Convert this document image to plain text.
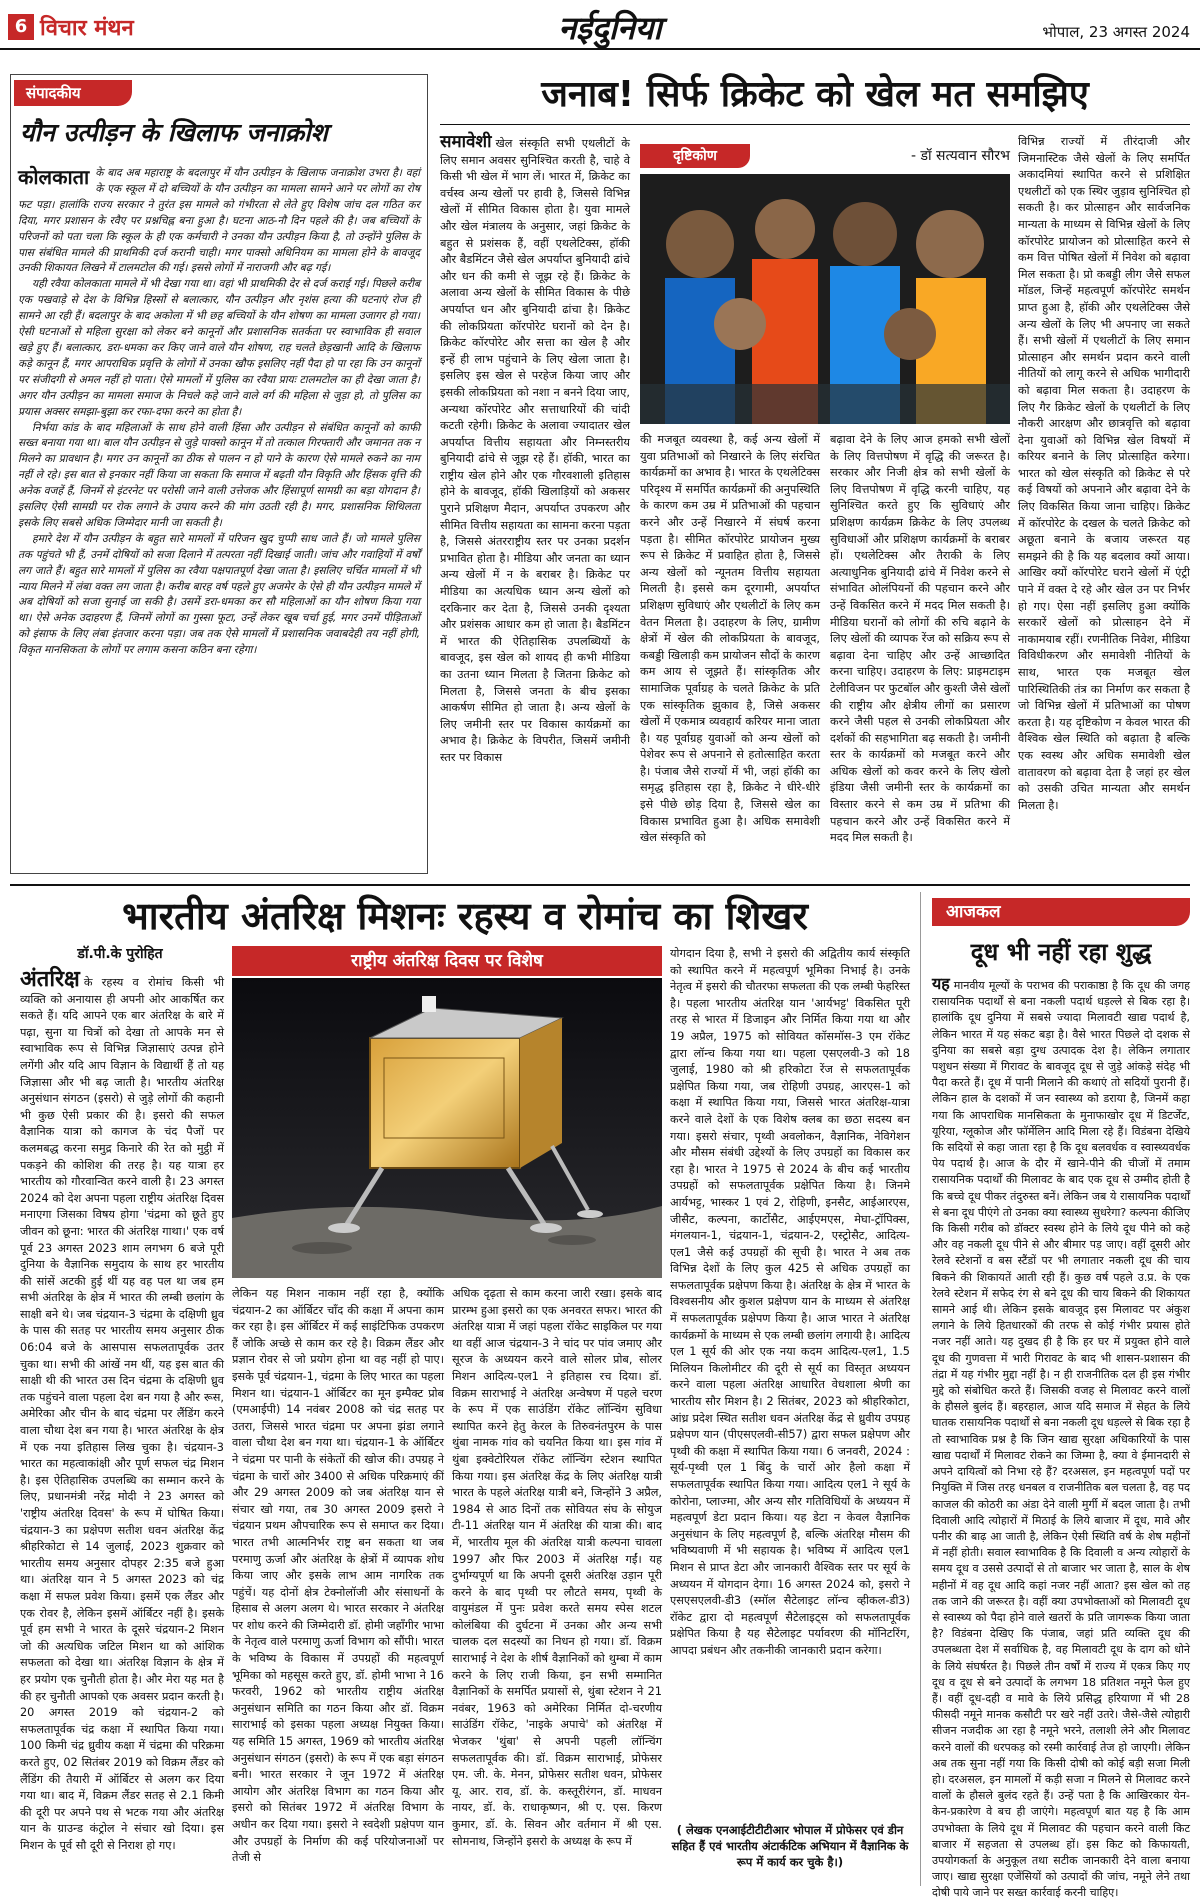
6 विचार मंथन	नईदुनिया	भोपाल, 23 अगस्त 2024
संपादकीय
यौन उत्पीड़न के खिलाफ जनाक्रोश
कोलकाता के बाद अब महाराष्ट्र के बदलापुर में यौन उत्पीड़न के खिलाफ जनाक्रोश उभरा है। वहां के एक स्कूल में दो बच्चियों के यौन उत्पीड़न का मामला सामने आने पर लोगों का रोष फट पड़ा। हालांकि राज्य सरकार ने तुरंत इस मामले को गंभीरता से लेते हुए विशेष जांच दल गठित कर दिया, मगर प्रशासन के रवैए पर प्रश्नचिह्न बना हुआ है। घटना आठ-नौ दिन पहले की है। जब बच्चियों के परिजनों को पता चला कि स्कूल के ही एक कर्मचारी ने उनका यौन उत्पीड़न किया है, तो उन्होंने पुलिस के पास संबंधित मामले की प्राथमिकी दर्ज करानी चाही। मगर पाक्सो अधिनियम का मामला होने के बावजूद उनकी शिकायत लिखने में टालमटोल की गई। इससे लोगों में नाराजगी और बढ़ गई।

यही रवैया कोलकाता मामले में भी देखा गया था। वहां भी प्राथमिकी देर से दर्ज कराई गई। पिछले करीब एक पखवाड़े से देश के विभिन्न हिस्सों से बलात्कार, यौन उत्पीड़न और नृशंस हत्या की घटनाएं रोज ही सामने आ रही हैं। बदलापुर के बाद अकोला में भी छह बच्चियों के यौन शोषण का मामला उजागर हो गया। ऐसी घटनाओं से महिला सुरक्षा को लेकर बने कानूनों और प्रशासनिक सतर्कता पर स्वाभाविक ही सवाल खड़े हुए हैं। बलात्कार, डरा-धमका कर किए जाने वाले यौन शोषण, राह चलते छेड़खानी आदि के खिलाफ कड़े कानून हैं, मगर आपराधिक प्रवृत्ति के लोगों में उनका खौफ इसलिए नहीं पैदा हो पा रहा कि उन कानूनों पर संजीदगी से अमल नहीं हो पाता। ऐसे मामलों में पुलिस का रवैया प्रायः टालमटोल का ही देखा जाता है। अगर यौन उत्पीड़न का मामला समाज के निचले कहे जाने वाले वर्ग की महिला से जुड़ा हो, तो पुलिस का प्रयास अक्सर समझा-बुझा कर रफा-दफा करने का होता है।

निर्भया कांड के बाद महिलाओं के साथ होने वाली हिंसा और उत्पीड़न से संबंधित कानूनों को काफी सख्त बनाया गया था। बाल यौन उत्पीड़न से जुड़े पाक्सो कानून में तो तत्काल गिरफ्तारी और जमानत तक न मिलने का प्रावधान है। मगर उन कानूनों का ठीक से पालन न हो पाने के कारण ऐसे मामले रुकने का नाम नहीं ले रहे। इस बात से इनकार नहीं किया जा सकता कि समाज में बढ़ती यौन विकृति और हिंसक वृत्ति की अनेक वजहें हैं, जिनमें से इंटरनेट पर परोसी जाने वाली उत्तेजक और हिंसापूर्ण सामग्री का बड़ा योगदान है। इसलिए ऐसी सामग्री पर रोक लगाने के उपाय करने की मांग उठती रही है। मगर, प्रशासनिक शिथिलता इसके लिए सबसे अधिक जिम्मेदार मानी जा सकती है।

हमारे देश में यौन उत्पीड़न के बहुत सारे मामलों में परिजन खुद चुप्पी साध जाते हैं। जो मामले पुलिस तक पहुंचते भी हैं, उनमें दोषियों को सजा दिलाने में तत्परता नहीं दिखाई जाती। जांच और गवाहियों में वर्षों लग जाते हैं। बहुत सारे मामलों में पुलिस का रवैया पक्षपातपूर्ण देखा जाता है। इसलिए चर्चित मामलों में भी न्याय मिलने में लंबा वक्त लग जाता है। करीब बारह वर्ष पहले हुए अजमेर के ऐसे ही यौन उत्पीड़न मामले में अब दोषियों को सजा सुनाई जा सकी है। उसमें डरा-धमका कर सौ महिलाओं का यौन शोषण किया गया था। ऐसे अनेक उदाहरण हैं, जिनमें लोगों का गुस्सा फूटा, उन्हें लेकर खूब चर्चा हुई, मगर उनमें पीड़िताओं को इंसाफ के लिए लंबा इंतजार करना पड़ा। जब तक ऐसे मामलों में प्रशासनिक जवाबदेही तय नहीं होगी, विकृत मानसिकता के लोगों पर लगाम कसना कठिन बना रहेगा।

जनाब! सिर्फ क्रिकेट को खेल मत समझिए
समावेशी खेल संस्कृति सभी एथलीटों के लिए समान अवसर सुनिश्चित करती है, चाहे वे किसी भी खेल में भाग लें। भारत में, क्रिकेट का वर्चस्व अन्य खेलों पर हावी है, जिससे विभिन्न खेलों में सीमित विकास होता है। युवा मामले और खेल मंत्रालय के अनुसार, जहां क्रिकेट के बहुत से प्रशंसक हैं, वहीं एथलेटिक्स, हॉकी और बैडमिंटन जैसे खेल अपर्याप्त बुनियादी ढांचे और धन की कमी से जूझ रहे हैं। क्रिकेट के अलावा अन्य खेलों के सीमित विकास के पीछे अपर्याप्त धन और बुनियादी ढांचा है। क्रिकेट की लोकप्रियता कॉरपोरेट घरानों को देन है। क्रिकेट कॉरपोरेट और सत्ता का खेल है और इन्हें ही लाभ पहुंचाने के लिए खेला जाता है। इसलिए इस खेल से परहेज किया जाए और इसकी लोकप्रियता को नशा न बनने दिया जाए, अन्यथा कॉरपोरेट और सत्ताधारियों की चांदी कटती रहेगी। क्रिकेट के अलावा ज्यादातर खेल अपर्याप्त वित्तीय सहायता और निम्नस्तरीय बुनियादी ढांचे से जूझ रहे हैं। हॉकी, भारत का राष्ट्रीय खेल होने और एक गौरवशाली इतिहास होने के बावजूद, हॉकी खिलाड़ियों को अकसर पुराने प्रशिक्षण मैदान, अपर्याप्त उपकरण और सीमित वित्तीय सहायता का सामना करना पड़ता है, जिससे अंतरराष्ट्रीय स्तर पर उनका प्रदर्शन प्रभावित होता है। मीडिया और जनता का ध्यान अन्य खेलों में न के बराबर है। क्रिकेट पर मीडिया का अत्यधिक ध्यान अन्य खेलों को दरकिनार कर देता है, जिससे उनकी दृश्यता और प्रशंसक आधार कम हो जाता है। बैडमिंटन में भारत की ऐतिहासिक उपलब्धियों के बावजूद, इस खेल को शायद ही कभी मीडिया का उतना ध्यान मिलता है जितना क्रिकेट को मिलता है, जिससे जनता के बीच इसका आकर्षण सीमित हो जाता है। अन्य खेलों के लिए जमीनी स्तर पर विकास कार्यक्रमों का अभाव है। क्रिकेट के विपरीत, जिसमें जमीनी स्तर पर विकास
दृष्टिकोण	- डॉ सत्यवान सौरभ
की मजबूत व्यवस्था है, कई अन्य खेलों में युवा प्रतिभाओं को निखारने के लिए संरचित कार्यक्रमों का अभाव है। भारत के एथलेटिक्स परिदृश्य में समर्पित कार्यक्रमों की अनुपस्थिति के कारण कम उम्र में प्रतिभाओं की पहचान करने और उन्हें निखारने में संघर्ष करना पड़ता है। सीमित कॉरपोरेट प्रायोजन मुख्य रूप से क्रिकेट में प्रवाहित होता है, जिससे अन्य खेलों को न्यूनतम वित्तीय सहायता मिलती है। इससे कम दूरगामी, अपर्याप्त प्रशिक्षण सुविधाएं और एथलीटों के लिए कम वेतन मिलता है। उदाहरण के लिए, ग्रामीण क्षेत्रों में खेल की लोकप्रियता के बावजूद, कबड्डी खिलाड़ी कम प्रायोजन सौदों के कारण कम आय से जूझते हैं। सांस्कृतिक और सामाजिक पूर्वाग्रह के चलते क्रिकेट के प्रति एक सांस्कृतिक झुकाव है, जिसे अकसर खेलों में एकमात्र व्यवहार्य करियर माना जाता है। यह पूर्वाग्रह युवाओं को अन्य खेलों को पेशेवर रूप से अपनाने से हतोत्साहित करता है। पंजाब जैसे राज्यों में भी, जहां हॉकी का समृद्ध इतिहास रहा है, क्रिकेट ने धीरे-धीरे इसे पीछे छोड़ दिया है, जिससे खेल का विकास प्रभावित हुआ है। अधिक समावेशी खेल संस्कृति को
बढ़ावा देने के लिए आज हमको सभी खेलों के लिए वित्तपोषण में वृद्धि की जरूरत है। सरकार और निजी क्षेत्र को सभी खेलों के लिए वित्तपोषण में वृद्धि करनी चाहिए, यह सुनिश्चित करते हुए कि सुविधाएं और प्रशिक्षण कार्यक्रम क्रिकेट के लिए उपलब्ध सुविधाओं और प्रशिक्षण कार्यक्रमों के बराबर हों। एथलेटिक्स और तैराकी के लिए अत्याधुनिक बुनियादी ढांचे में निवेश करने से संभावित ओलंपियनों की पहचान करने और उन्हें विकसित करने में मदद मिल सकती है। मीडिया घरानों को लोगों की रुचि बढ़ाने के लिए खेलों की व्यापक रेंज को सक्रिय रूप से बढ़ावा देना चाहिए और उन्हें आच्छादित करना चाहिए। उदाहरण के लिए: प्राइमटाइम टेलीविजन पर फुटबॉल और कुश्ती जैसे खेलों की राष्ट्रीय और क्षेत्रीय लीगों का प्रसारण करने जैसी पहल से उनकी लोकप्रियता और दर्शकों की सहभागिता बढ़ सकती है। जमीनी स्तर के कार्यक्रमों को मजबूत करने और अधिक खेलों को कवर करने के लिए खेलो इंडिया जैसी जमीनी स्तर के कार्यक्रमों का विस्तार करने से कम उम्र में प्रतिभा की पहचान करने और उन्हें विकसित करने में मदद मिल सकती है।
विभिन्न राज्यों में तीरंदाजी और जिमनास्टिक जैसे खेलों के लिए समर्पित अकादमियां स्थापित करने से प्रशिक्षित एथलीटों को एक स्थिर जुड़ाव सुनिश्चित हो सकती है। कर प्रोत्साहन और सार्वजनिक मान्यता के माध्यम से विभिन्न खेलों के लिए कॉरपोरेट प्रायोजन को प्रोत्साहित करने से कम वित्त पोषित खेलों में निवेश को बढ़ावा मिल सकता है। प्रो कबड्डी लीग जैसे सफल मॉडल, जिन्हें महत्वपूर्ण कॉरपोरेट समर्थन प्राप्त हुआ है, हॉकी और एथलेटिक्स जैसे अन्य खेलों के लिए भी अपनाए जा सकते हैं। सभी खेलों में एथलीटों के लिए समान प्रोत्साहन और समर्थन प्रदान करने वाली नीतियों को लागू करने से अधिक भागीदारी को बढ़ावा मिल सकता है। उदाहरण के लिए गैर क्रिकेट खेलों के एथलीटों के लिए नौकरी आरक्षण और छात्रवृत्ति को बढ़ावा देना युवाओं को विभिन्न खेल विषयों में करियर बनाने के लिए प्रोत्साहित करेगा। भारत को खेल संस्कृति को क्रिकेट से परे कई विषयों को अपनाने और बढ़ावा देने के लिए विकसित किया जाना चाहिए। क्रिकेट में कॉरपोरेट के दखल के चलते क्रिकेट को अछूता बनाने के बजाय जरूरत यह समझने की है कि यह बदलाव क्यों आया। आखिर क्यों कॉरपोरेट घराने खेलों में एंट्री पाने में वक्त दे रहे और खेल उन पर निर्भर हो गए। ऐसा नहीं इसलिए हुआ क्योंकि सरकारें खेलों को प्रोत्साहन देने में नाकामयाब रहीं। रणनीतिक निवेश, मीडिया विविधीकरण और समावेशी नीतियों के साथ, भारत एक मजबूत खेल पारिस्थितिकी तंत्र का निर्माण कर सकता है जो विभिन्न खेलों में प्रतिभाओं का पोषण करता है। यह दृष्टिकोण न केवल भारत की वैश्विक खेल स्थिति को बढ़ाता है बल्कि एक स्वस्थ और अधिक समावेशी खेल वातावरण को बढ़ावा देता है जहां हर खेल को उसकी उचित मान्यता और समर्थन मिलता है।
भारतीय अंतरिक्ष मिशनः रहस्य व रोमांच का शिखर
डॉ.पी.के पुरोहित	राष्ट्रीय अंतरिक्ष दिवस पर विशेष
अंतरिक्ष के रहस्य व रोमांच किसी भी व्यक्ति को अनायास ही अपनी ओर आकर्षित कर सकते हैं। यदि आपने एक बार अंतरिक्ष के बारे में पढ़ा, सुना या चित्रों को देखा तो आपके मन से स्वाभाविक रूप से विभिन्न जिज्ञासाएं उत्पन्न होने लगेंगी और यदि आप विज्ञान के विद्यार्थी हैं तो यह जिज्ञासा और भी बढ़ जाती है। भारतीय अंतरिक्ष अनुसंधान संगठन (इसरो) से जुड़े लोगों की कहानी भी कुछ ऐसी प्रकार की है। इसरो की सफल वैज्ञानिक यात्रा को कागज के चंद पैजों पर कलमबद्ध करना समुद्र किनारे की रेत को मुट्ठी में पकड़ने की कोशिश की तरह है। यह यात्रा हर भारतीय को गौरवान्वित करने वाली है। 23 अगस्त 2024 को देश अपना पहला राष्ट्रीय अंतरिक्ष दिवस मनाएगा जिसका विषय होगा 'चंद्रमा को छूते हुए जीवन को छूना: भारत की अंतरिक्ष गाथा।' एक वर्ष पूर्व 23 अगस्त 2023 शाम लगभग 6 बजे पूरी दुनिया के वैज्ञानिक समुदाय के साथ हर भारतीय की सांसें अटकी हुई थीं यह वह पल था जब हम सभी अंतरिक्ष के क्षेत्र में भारत की लम्बी छलांग के साक्षी बने थे। जब चंद्रयान-3 चंद्रमा के दक्षिणी ध्रुव के पास की सतह पर भारतीय समय अनुसार ठीक 06:04 बजे के आसपास सफलतापूर्वक उतर चुका था। सभी की आंखें नम थीं, यह इस बात की साक्षी थी की भारत उस दिन चंद्रमा के दक्षिणी ध्रुव तक पहुंचने वाला पहला देश बन गया है और रूस, अमेरिका और चीन के बाद चंद्रमा पर लैंडिंग करने वाला चौथा देश बन गया है। भारत अंतरिक्ष के क्षेत्र में एक नया इतिहास लिख चुका है। चंद्रयान-3 भारत का महत्वाकांक्षी और पूर्ण सफल चंद्र मिशन है। इस ऐतिहासिक उपलब्धि का सम्मान करने के लिए, प्रधानमंत्री नरेंद्र मोदी ने 23 अगस्त को 'राष्ट्रीय अंतरिक्ष दिवस' के रूप में घोषित किया। चंद्रयान-3 का प्रक्षेपण सतीश धवन अंतरिक्ष केंद्र श्रीहरिकोटा से 14 जुलाई, 2023 शुक्रवार को भारतीय समय अनुसार दोपहर 2:35 बजे हुआ था। अंतरिक्ष यान ने 5 अगस्त 2023 को चंद्र कक्षा में सफल प्रवेश किया। इसमें एक लैंडर और एक रोवर है, लेकिन इसमें ऑर्बिटर नहीं है। इसके पूर्व हम सभी ने भारत के दूसरे चंद्रयान-2 मिशन जो की अत्यधिक जटिल मिशन था को आंशिक सफलता को देखा था। अंतरिक्ष विज्ञान के क्षेत्र में हर प्रयोग एक चुनौती होता है। और मेरा यह मत है की हर चुनौती आपको एक अवसर प्रदान करती है। 20 अगस्त 2019 को चंद्रयान-2 को सफलतापूर्वक चंद्र कक्षा में स्थापित किया गया। 100 किमी चंद्र ध्रुवीय कक्षा में चंद्रमा की परिक्रमा करते हुए, 02 सितंबर 2019 को विक्रम लैंडर को लैंडिंग की तैयारी में ऑर्बिटर से अलग कर दिया गया था। बाद में, विक्रम लैंडर सतह से 2.1 किमी की दूरी पर अपने पथ से भटक गया और अंतरिक्ष यान के ग्राउन्ड कंट्रोल ने संचार खो दिया। इस मिशन के पूर्व सौ दूरी से निराश हो गए।
लेकिन यह मिशन नाकाम नहीं रहा है, क्योंकि चंद्रयान-2 का ऑर्बिटर चाँद की कक्षा में अपना काम कर रहा है। इस ऑर्बिटर में कई साइंटिफिक उपकरण हैं जोकि अच्छे से काम कर रहे है। विक्रम लैंडर और प्रज्ञान रोवर से जो प्रयोग होना था वह नहीं हो पाए। इसके पूर्व चंद्रयान-1, चंद्रमा के लिए भारत का पहला मिशन था। चंद्रयान-1 ऑर्बिटर का मून इम्पैक्ट प्रोब (एमआईपी) 14 नवंबर 2008 को चंद्र सतह पर उतरा, जिससे भारत चंद्रमा पर अपना झंडा लगाने वाला चौथा देश बन गया था। चंद्रयान-1 के ऑर्बिटर ने चंद्रमा पर पानी के संकेतों की खोज की। उपग्रह ने चंद्रमा के चारों ओर 3400 से अधिक परिक्रमाएं कीं और 29 अगस्त 2009 को जब अंतरिक्ष यान से संचार खो गया, तब 30 अगस्त 2009 इसरो ने चंद्रयान प्रथम औपचारिक रूप से समाप्त कर दिया। भारत तभी आत्मनिर्भर राष्ट्र बन सकता था जब परमाणु ऊर्जा और अंतरिक्ष के क्षेत्रों में व्यापक शोध किया जाए और इसके लाभ आम नागरिक तक पहुंचें। यह दोनों क्षेत्र टेक्नोलॉजी और संसाधनों के हिसाब से अलग अलग थे। भारत सरकार ने अंतरिक्ष पर शोध करने की जिम्मेदारी डॉ. होमी जहाँगीर भाभा के नेतृत्व वाले परमाणु ऊर्जा विभाग को सौंपी। भारत के भविष्य के विकास में उपग्रहों की महत्वपूर्ण भूमिका को महसूस करते हुए, डॉ. होमी भाभा ने 16 फरवरी, 1962 को भारतीय राष्ट्रीय अंतरिक्ष अनुसंधान समिति का गठन किया और डॉ. विक्रम साराभाई को इसका पहला अध्यक्ष नियुक्त किया। यह समिति 15 अगस्त, 1969 को भारतीय अंतरिक्ष अनुसंधान संगठन (इसरो) के रूप में एक बड़ा संगठन बनी। भारत सरकार ने जून 1972 में अंतरिक्ष आयोग और अंतरिक्ष विभाग का गठन किया और इसरो को सितंबर 1972 में अंतरिक्ष विभाग के अधीन कर दिया गया। इसरो ने स्वदेशी प्रक्षेपण यान और उपग्रहों के निर्माण की कई परियोजनाओं पर तेजी से
अधिक दृढ़ता से काम करना जारी रखा। इसके बाद प्रारम्भ हुआ इसरो का एक अनवरत सफर। भारत की अंतरिक्ष यात्रा में जहां पहला रॉकेट साइकिल पर गया था वहीं आज चंद्रयान-3 ने चांद पर पांव जमाए और सूरज के अध्ययन करने वाले सोलर प्रोब, सोलर मिशन आदित्य-एल1 ने इतिहास रच दिया। डॉ. विक्रम साराभाई ने अंतरिक्ष अन्वेषण में पहले चरण के रूप में एक साउंडिंग रॉकेट लॉन्चिंग सुविधा स्थापित करने हेतु केरल के तिरुवनंतपुरम के पास थुंबा नामक गांव को चयनित किया था। इस गांव में थुंबा इक्वेटोरियल रॉकेट लॉन्चिंग स्टेशन स्थापित किया गया। इस अंतरिक्ष केंद्र के लिए अंतरिक्ष यात्री भारत के पहले अंतरिक्ष यात्री बने, जिन्होंने 3 अप्रैल, 1984 से आठ दिनों तक सोवियत संघ के सोयुज टी-11 अंतरिक्ष यान में अंतरिक्ष की यात्रा की। बाद में, भारतीय मूल की अंतरिक्ष यात्री कल्पना चावला 1997 और फिर 2003 में अंतरिक्ष गईं। यह दुर्भाग्यपूर्ण था कि अपनी दूसरी अंतरिक्ष उड़ान पूरी करने के बाद पृथ्वी पर लौटते समय, पृथ्वी के वायुमंडल में पुनः प्रवेश करते समय स्पेस शटल कोलंबिया की दुर्घटना में उनका और अन्य सभी चालक दल सदस्यों का निधन हो गया। डॉ. विक्रम साराभाई ने देश के शीर्ष वैज्ञानिकों को थुम्बा में काम करने के लिए राजी किया, इन सभी सम्मानित वैज्ञानिकों के समर्पित प्रयासों से, थुंबा स्टेशन ने 21 नवंबर, 1963 को अमेरिका निर्मित दो-चरणीय साउंडिंग रॉकेट, 'नाइके अपाचे' को अंतरिक्ष में भेजकर 'थुंबा' से अपनी पहली लॉन्चिंग सफलतापूर्वक की। डॉ. विक्रम साराभाई, प्रोफेसर एम. जी. के. मेनन, प्रोफेसर सतीश धवन, प्रोफेसर यू. आर. राव, डॉ. के. कस्तूरीरंगन, डॉ. माधवन नायर, डॉ. के. राधाकृष्णन, श्री ए. एस. किरण कुमार, डॉ. के. सिवन और वर्तमान में श्री एस. सोमनाथ, जिन्होंने इसरो के अध्यक्ष के रूप में
योगदान दिया है, सभी ने इसरो की अद्वितीय कार्य संस्कृति को स्थापित करने में महत्वपूर्ण भूमिका निभाई है। उनके नेतृत्व में इसरो की चौतरफा सफलता की एक लम्बी फेहरिस्त है। पहला भारतीय अंतरिक्ष यान 'आर्यभट्ट' विकसित पूरी तरह से भारत में डिजाइन और निर्मित किया गया था और 19 अप्रैल, 1975 को सोवियत कॉसमॉस-3 एम रॉकेट द्वारा लॉन्च किया गया था। पहला एसएलवी-3 को 18 जुलाई, 1980 को श्री हरिकोटा रेंज से सफलतापूर्वक प्रक्षेपित किया गया, जब रोहिणी उपग्रह, आरएस-1 को कक्षा में स्थापित किया गया, जिससे भारत अंतरिक्ष-यात्रा करने वाले देशों के एक विशेष क्लब का छठा सदस्य बन गया। इसरो संचार, पृथ्वी अवलोकन, वैज्ञानिक, नेविगेशन और मौसम संबंधी उद्देश्यों के लिए उपग्रहों का विकास कर रहा है। भारत ने 1975 से 2024 के बीच कई भारतीय उपग्रहों को सफलतापूर्वक प्रक्षेपित किया है। जिनमे आर्यभट्ट, भास्कर 1 एवं 2, रोहिणी, इनसैट, आईआरएस, जीसैट, कल्पना, कार्टोसैट, आईएमएस, मेघा-ट्रॉपिक्स, मंगलयान-1, चंद्रयान-1, चंद्रयान-2, एस्ट्रोसैट, आदित्य-एल1 जैसे कई उपग्रहों की सूची है। भारत ने अब तक विभिन्न देशों के लिए कुल 425 से अधिक उपग्रहों का सफलतापूर्वक प्रक्षेपण किया है। अंतरिक्ष के क्षेत्र में भारत के विश्वसनीय और कुशल प्रक्षेपण यान के माध्यम से अंतरिक्ष में सफलतापूर्वक प्रक्षेपण किया है। आज भारत ने अंतरिक्ष कार्यक्रमों के माध्यम से एक लम्बी छलांग लगायी है। आदित्य एल 1 सूर्य की ओर एक नया कदम आदित्य-एल1, 1.5 मिलियन किलोमीटर की दूरी से सूर्य का विस्तृत अध्ययन करने वाला पहला अंतरिक्ष आधारित वेधशाला श्रेणी का भारतीय सौर मिशन है। 2 सितंबर, 2023 को श्रीहरिकोटा, आंध्र प्रदेश स्थित सतीश धवन अंतरिक्ष केंद्र से ध्रुवीय उपग्रह प्रक्षेपण यान (पीएसएलवी-सी57) द्वारा सफल प्रक्षेपण और पृथ्वी की कक्षा में स्थापित किया गया। 6 जनवरी, 2024 : सूर्य-पृथ्वी एल 1 बिंदु के चारों ओर हैलो कक्षा में सफलतापूर्वक स्थापित किया गया। आदित्य एल1 ने सूर्य के कोरोना, प्लाज्मा, और अन्य सौर गतिविधियों के अध्ययन में महत्वपूर्ण डेटा प्रदान किया। यह डेटा न केवल वैज्ञानिक अनुसंधान के लिए महत्वपूर्ण है, बल्कि अंतरिक्ष मौसम की भविष्यवाणी में भी सहायक है। भविष्य में आदित्य एल1 मिशन से प्राप्त डेटा और जानकारी वैश्विक स्तर पर सूर्य के अध्ययन में योगदान देगा। 16 अगस्त 2024 को, इसरो ने एसएसएलवी-डी3 (स्मॉल सैटेलाइट लॉन्च व्हीकल-डी3) रॉकेट द्वारा दो महत्वपूर्ण सैटेलाइट्स को सफलतापूर्वक प्रक्षेपित किया है यह सैटेलाइट पर्यावरण की मॉनिटरिंग, आपदा प्रबंधन और तकनीकी जानकारी प्रदान करेगा।
( लेखक एनआईटीटीटीआर भोपाल में प्रोफेसर एवं डीन सहित हैं एवं भारतीय अंटार्कटिक अभियान में वैज्ञानिक के रूप में कार्य कर चुके है।)
आजकल
दूध भी नहीं रहा शुद्ध
यह मानवीय मूल्यों के पराभव की पराकाष्ठा है कि दूध की जगह रासायनिक पदार्थों से बना नकली पदार्थ धड़ल्ले से बिक रहा है। हालांकि दूध दुनिया में सबसे ज्यादा मिलावटी खाद्य पदार्थ है, लेकिन भारत में यह संकट बड़ा है। वैसे भारत पिछले दो दशक से दुनिया का सबसे बड़ा दुग्ध उत्पादक देश है। लेकिन लगातार पशुधन संख्या में गिरावट के बावजूद दूध से जुड़े आंकड़े संदेह भी पैदा करते हैं। दूध में पानी मिलाने की कथाएं तो सदियों पुरानी हैं। लेकिन हाल के दशकों में जन स्वास्थ्य को डराया है, जिनमें कहा गया कि आपराधिक मानसिकता के मुनाफाखोर दूध में डिटर्जेंट, यूरिया, ग्लूकोज और फॉर्मेलिन आदि मिला रहे हैं। विडंबना देखिये कि सदियों से कहा जाता रहा है कि दूध बलवर्धक व स्वास्थ्यवर्धक पेय पदार्थ है। आज के दौर में खाने-पीने की चीजों में तमाम रासायनिक पदार्थों की मिलावट के बाद एक दूध से उम्मीद होती है कि बच्चे दूध पीकर तंदुरुस्त बनें। लेकिन जब ये रासायनिक पदार्थों से बना दूध पीएंगे तो उनका क्या स्वास्थ्य सुधरेगा? कल्पना कीजिए कि किसी गरीब को डॉक्टर स्वस्थ होने के लिये दूध पीने को कहे और वह नकली दूध पीने से और बीमार पड़ जाए। वहीं दूसरी ओर रेलवे स्टेशनों व बस स्टैंडों पर भी लगातार नकली दूध की चाय बिकने की शिकायतें आती रही हैं। कुछ वर्ष पहले उ.प्र. के एक रेलवे स्टेशन में सफेद रंग से बने दूध की चाय बिकने की शिकायत सामने आई थी। लेकिन इसके बावजूद इस मिलावट पर अंकुश लगाने के लिये हितधारकों की तरफ से कोई गंभीर प्रयास होते नजर नहीं आते। यह दुखद ही है कि हर घर में प्रयुक्त होने वाले दूध की गुणवत्ता में भारी गिरावट के बाद भी शासन-प्रशासन की तंद्रा में यह गंभीर मुद्दा नहीं है। न ही राजनीतिक दल ही इस गंभीर मुद्दे को संबोधित करते हैं। जिसकी वजह से मिलावट करने वालों के हौसले बुलंद हैं। बहरहाल, आज यदि समाज में सेहत के लिये घातक रासायनिक पदार्थों से बना नकली दूध धड़ल्ले से बिक रहा है तो स्वाभाविक प्रश्न है कि जिन खाद्य सुरक्षा अधिकारियों के पास खाद्य पदार्थों में मिलावट रोकने का जिम्मा है, क्या वे ईमानदारी से अपने दायित्वों को निभा रहे हैं? दरअसल, इन महत्वपूर्ण पदों पर नियुक्ति में जिस तरह धनबल व राजनीतिक बल चलता है, वह पद काजल की कोठरी का अंडा देने वाली मुर्गी में बदल जाता है। तभी दिवाली आदि त्योहारों में मिठाई के लिये बाजार में दूध, मावे और पनीर की बाढ़ आ जाती है, लेकिन ऐसी स्थिति वर्ष के शेष महीनों में नहीं होती। सवाल स्वाभाविक है कि दिवाली व अन्य त्योहारों के समय दूध व उससे उत्पादों से तो बाजार भर जाता है, साल के शेष महीनों में वह दूध आदि कहां नजर नहीं आता? इस खेल को तह तक जाने की जरूरत है। वहीं क्या उपभोक्ताओं को मिलावटी दूध से स्वास्थ्य को पैदा होने वाले खतरों के प्रति जागरूक किया जाता है? विडंबना देखिए कि पंजाब, जहां प्रति व्यक्ति दूध की उपलब्धता देश में सर्वाधिक है, वह मिलावटी दूध के दाग को धोने के लिये संघर्षरत है। पिछले तीन वर्षों में राज्य में एकत्र किए गए दूध व दूध से बने उत्पादों के लगभग 18 प्रतिशत नमूने फेल हुए हैं। वहीं दूध-दही व मावे के लिये प्रसिद्ध हरियाणा में भी 28 फीसदी नमूने मानक कसौटी पर खरे नहीं उतरे। जैसे-जैसे त्योहारी सीजन नजदीक आ रहा है नमूने भरने, तलाशी लेने और मिलावट करने वालों की धरपकड़ को रस्मी कार्रवाई तेज हो जाएगी। लेकिन अब तक सुना नहीं गया कि किसी दोषी को कोई बड़ी सजा मिली हो। दरअसल, इन मामलों में कड़ी सजा न मिलने से मिलावट करने वालों के हौसले बुलंद रहते हैं। उन्हें पता है कि आखिरकार येन-केन-प्रकारेण वे बच ही जाएंगे। महत्वपूर्ण बात यह है कि आम उपभोक्ता के लिये दूध में मिलावट की पहचान करने वाली किट बाजार में सहजता से उपलब्ध हों। इस किट को किफायती, उपयोगकर्ता के अनुकूल तथा सटीक जानकारी देने वाला बनाया जाए। खाद्य सुरक्षा एजेंसियों को उत्पादों की जांच, नमूने लेने तथा दोषी पाये जाने पर सख्त कार्रवाई करनी चाहिए।
